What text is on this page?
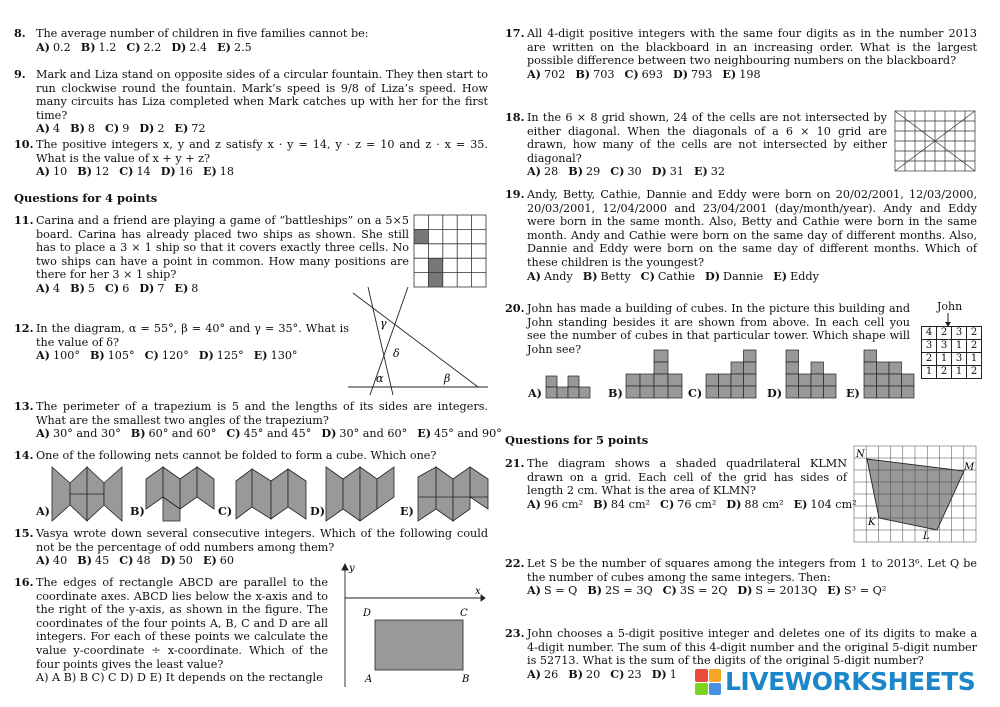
8. The average number of children in five families cannot be:
A) 0.2 B) 1.2 C) 2.2 D) 2.4 E) 2.5
9. Mark and Liza stand on opposite sides of a circular fountain. They then start to run clockwise round the fountain. Mark’s speed is 9/8 of Liza’s speed. How many circuits has Liza completed when Mark catches up with her for the first time?
A) 4 B) 8 C) 9 D) 2 E) 72
10. The positive integers x, y and z satisfy x · y = 14, y · z = 10 and z · x = 35. What is the value of x + y + z?
A) 10 B) 12 C) 14 D) 16 E) 18
Questions for 4 points
11. Carina and a friend are playing a game of “battleships” on a 5×5 board. Carina has already placed two ships as shown. She still has to place a 3 × 1 ship so that it covers exactly three cells. No two ships can have a point in common. How many positions are there for her 3 × 1 ship?
A) 4 B) 5 C) 6 D) 7 E) 8
12. In the diagram, α = 55°, β = 40° and γ = 35°. What is the value of δ?
A) 100° B) 105° C) 120° D) 125° E) 130°
α	β
γ
δ
13. The perimeter of a trapezium is 5 and the lengths of its sides are integers. What are the smallest two angles of the trapezium?
A) 30° and 30° B) 60° and 60° C) 45° and 45° D) 30° and 60° E) 45° and 90°
14. One of the following nets cannot be folded to form a cube. Which one?
A)	B)	C)	D)	E)
15. Vasya wrote down several consecutive integers. Which of the following could not be the percentage of odd numbers among them?
A) 40 B) 45 C) 48 D) 50 E) 60
16. The edges of rectangle ABCD are parallel to the coordinate axes. ABCD lies below the x-axis and to the right of the y-axis, as shown in the figure. The coordinates of the four points A, B, C and D are all integers. For each of these points we calculate the value y-coordinate ÷ x-coordinate. Which of the four points gives the least value?
A) A B) B C) C D) D E) It depends on the rectangle
x
y
D	C
A	B
17. All 4-digit positive integers with the same four digits as in the number 2013 are written on the blackboard in an increasing order. What is the largest possible difference between two neighbouring numbers on the blackboard?
A) 702 B) 703 C) 693 D) 793 E) 198
18. In the 6 × 8 grid shown, 24 of the cells are not intersected by either diagonal. When the diagonals of a 6 × 10 grid are drawn, how many of the cells are not intersected by either diagonal?
A) 28 B) 29 C) 30 D) 31 E) 32
19. Andy, Betty, Cathie, Dannie and Eddy were born on 20/02/2001, 12/03/2000, 20/03/2001, 12/04/2000 and 23/04/2001 (day/month/year). Andy and Eddy were born in the same month. Also, Betty and Cathie were born in the same month. Andy and Cathie were born on the same day of different months. Also, Dannie and Eddy were born on the same day of different months. Which of these children is the youngest?
A) Andy B) Betty C) Cathie D) Dannie E) Eddy
20. John has made a building of cubes. In the picture this building and John standing besides it are shown from above. In each cell you see the number of cubes in that particular tower. Which shape will John see?
John
4	2	3	2
3	3	1	2
2	1	3	1
1	2	1	2
A)	B)	C)	D)	E)
Questions for 5 points
21. The diagram shows a shaded quadrilateral KLMN drawn on a grid. Each cell of the grid has sides of length 2 cm. What is the area of KLMN?
A) 96 cm² B) 84 cm² C) 76 cm² D) 88 cm² E) 104 cm²
N
M
K
L
22. Let S be the number of squares among the integers from 1 to 2013⁶. Let Q be the number of cubes among the same integers. Then:
A) S = Q B) 2S = 3Q C) 3S = 2Q D) S = 2013Q E) S³ = Q²
23. John chooses a 5-digit positive integer and deletes one of its digits to make a 4-digit number. The sum of this 4-digit number and the original 5-digit number is 52713. What is the sum of the digits of the original 5-digit number?
A) 26 B) 20 C) 23 D) 1	LIVEWORKSHEETS
